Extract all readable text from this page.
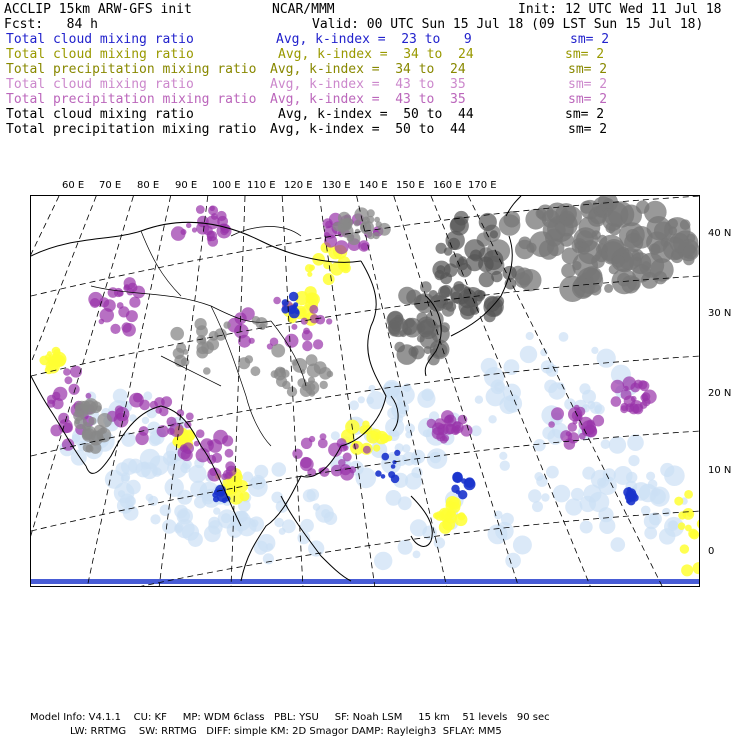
ACCLIP 15km ARW-GFS init	NCAR/MMM	Init: 12 UTC Wed 11 Jul 18
Fcst:   84 h	Valid: 00 UTC Sun 15 Jul 18 (09 LST Sun 15 Jul 18)
Total cloud mixing ratio	Avg, k-index =  23 to   9	sm= 2
Total cloud mixing ratio	Avg, k-index =  34 to  24	sm= 2
Total precipitation mixing ratio Avg, k-index =  34 to  24	sm= 2
Total cloud mixing ratio	Avg, k-index =  43 to  35	sm= 2
Total precipitation mixing ratio Avg, k-index =  43 to  35	sm= 2
Total cloud mixing ratio	Avg, k-index =  50 to  44	sm= 2
Total precipitation mixing ratio Avg, k-index =  50 to  44	sm= 2
60 E 70 E 80 E 90 E 100 E 110 E 120 E 130 E 140 E 150 E 160 E 170 E
40 N
30 N
20 N
10 N
0
Model Info: V4.1.1    CU: KF     MP: WDM 6class   PBL: YSU     SF: Noah LSM     15 km    51 levels   90 sec
LW: RRTMG    SW: RRTMG   DIFF: simple KM: 2D Smagor DAMP: Rayleigh3  SFLAY: MM5
